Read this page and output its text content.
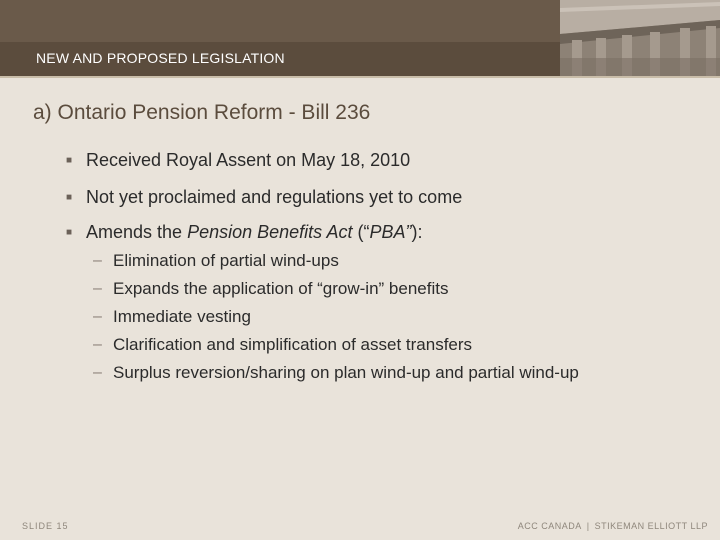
NEW AND PROPOSED LEGISLATION
a) Ontario Pension Reform - Bill 236
■ Received Royal Assent on May 18, 2010
■ Not yet proclaimed and regulations yet to come
■ Amends the Pension Benefits Act (“PBA”):
– Elimination of partial wind-ups
– Expands the application of “grow-in” benefits
– Immediate vesting
– Clarification and simplification of asset transfers
– Surplus reversion/sharing on plan wind-up and partial wind-up
SLIDE 15	ACC CANADA | STIKEMAN ELLIOTT LLP
